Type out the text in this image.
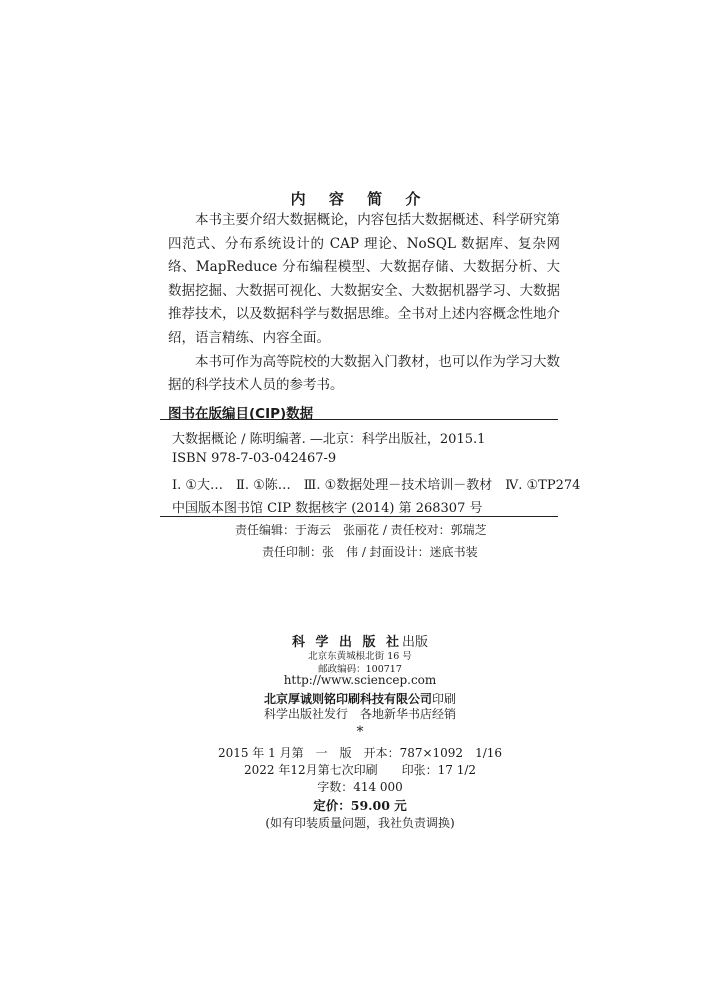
内 容 简 介

本书主要介绍大数据概论，内容包括大数据概述、科学研究第四范式、分布系统设计的 CAP 理论、NoSQL 数据库、复杂网络、MapReduce 分布编程模型、大数据存储、大数据分析、大数据挖掘、大数据可视化、大数据安全、大数据机器学习、大数据推荐技术，以及数据科学与数据思维。全书对上述内容概念性地介绍，语言精练、内容全面。

本书可作为高等院校的大数据入门教材，也可以作为学习大数据的科学技术人员的参考书。

图书在版编目(CIP)数据
大数据概论 / 陈明编著. —北京：科学出版社，2015.1
ISBN 978-7-03-042467-9
Ⅰ. ①大…　Ⅱ. ①陈…　Ⅲ. ①数据处理－技术培训－教材　Ⅳ. ①TP274
中国版本图书馆 CIP 数据核字 (2014) 第 268307 号
责任编辑：于海云　张丽花 / 责任校对：郭瑞芝
责任印制：张　伟 / 封面设计：迷底书装
科 学 出 版 社出版
北京东黄城根北街 16 号
邮政编码：100717
http://www.sciencep.com
北京厚诚则铭印刷科技有限公司印刷
科学出版社发行　各地新华书店经销
*
2015 年 1 月第　一　版　开本：787×1092　1/16
2022 年12月第七次印刷　　印张：17 1/2
字数：414 000
定价：59.00 元
(如有印装质量问题，我社负责调换)
